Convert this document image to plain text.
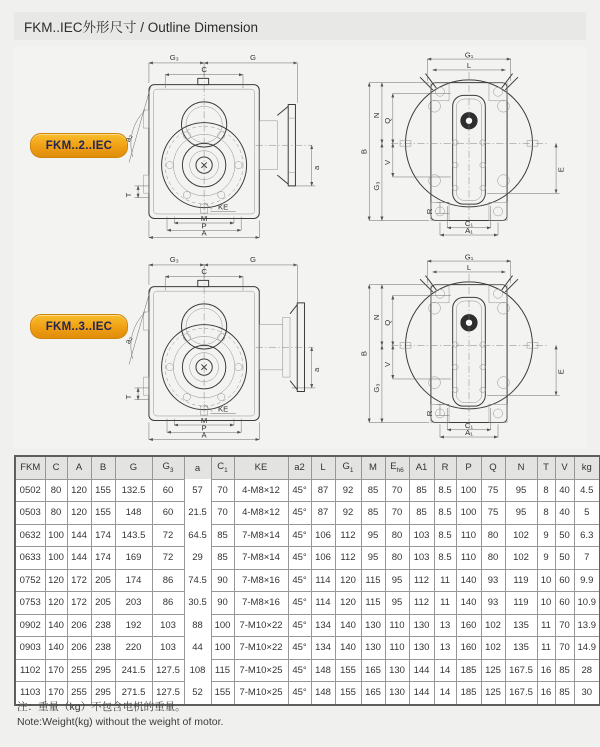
FKM..IEC外形尺寸 / Outline Dimension
FKM..2..IEC
FKM..3..IEC
FKM	C	A	B	G	$G_3$	a	$C_1$	KE	a2	L	$G_1$	M	$E_{h6}$	A1	R	P	Q	N	T	V	kg
0502	80	120	155	132.5	60	57	70	4-M8×12	45°	87	92	85	70	85	8.5	100	75	95	8	40	4.5
0503	80	120	155	148	60	21.5	70	4-M8×12	45°	87	92	85	70	85	8.5	100	75	95	8	40	5
0632	100	144	174	143.5	72	64.5	85	7-M8×14	45°	106	112	95	80	103	8.5	110	80	102	9	50	6.3
0633	100	144	174	169	72	29	85	7-M8×14	45°	106	112	95	80	103	8.5	110	80	102	9	50	7
0752	120	172	205	174	86	74.5	90	7-M8×16	45°	114	120	115	95	112	11	140	93	119	10	60	9.9
0753	120	172	205	203	86	30.5	90	7-M8×16	45°	114	120	115	95	112	11	140	93	119	10	60	10.9
0902	140	206	238	192	103	88	100	7-M10×22	45°	134	140	130	110	130	13	160	102	135	11	70	13.9
0903	140	206	238	220	103	44	100	7-M10×22	45°	134	140	130	110	130	13	160	102	135	11	70	14.9
1102	170	255	295	241.5	127.5	108	115	7-M10×25	45°	148	155	165	130	144	14	185	125	167.5	16	85	28
1103	170	255	295	271.5	127.5	52	155	7-M10×25	45°	148	155	165	130	144	14	185	125	167.5	16	85	30
注：重量（kg）不包含电机的重量。
Note:Weight(kg) without the weight of motor.
